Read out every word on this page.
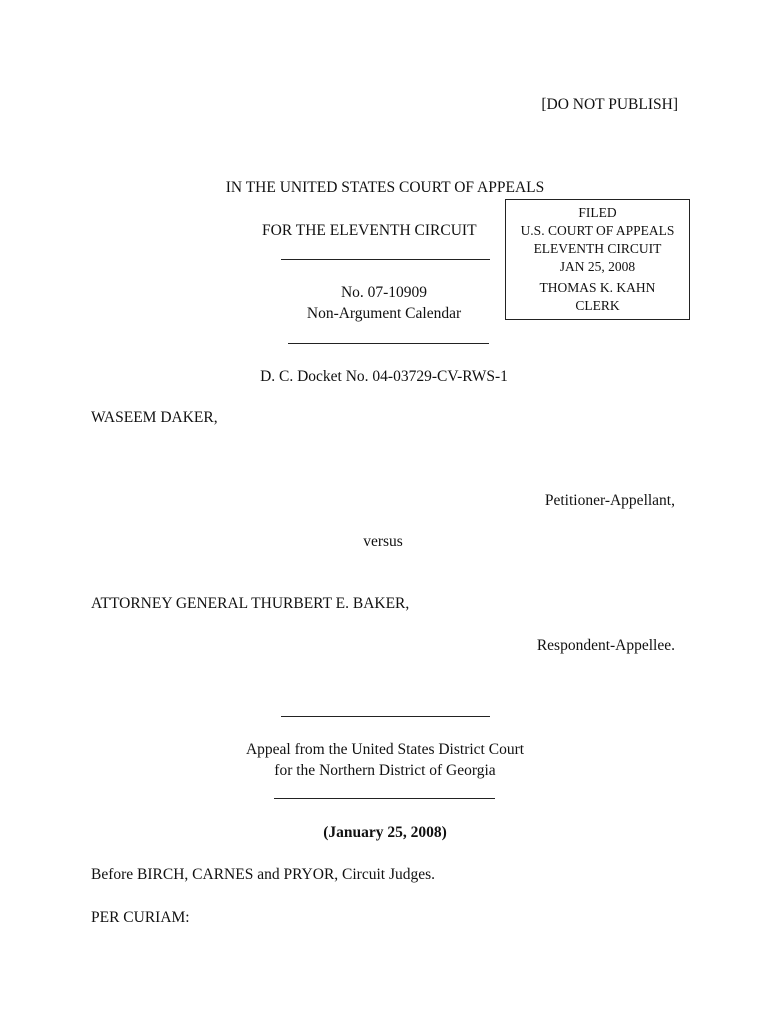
[DO NOT PUBLISH]
IN THE UNITED STATES COURT OF APPEALS
FOR THE ELEVENTH CIRCUIT
FILED
U.S. COURT OF APPEALS
ELEVENTH CIRCUIT
JAN 25, 2008
THOMAS K. KAHN
CLERK
No. 07-10909
Non-Argument Calendar
D. C. Docket No. 04-03729-CV-RWS-1
WASEEM DAKER,
Petitioner-Appellant,
versus
ATTORNEY GENERAL THURBERT E. BAKER,
Respondent-Appellee.
Appeal from the United States District Court
for the Northern District of Georgia
(January 25, 2008)
Before BIRCH, CARNES and PRYOR, Circuit Judges.
PER CURIAM:
